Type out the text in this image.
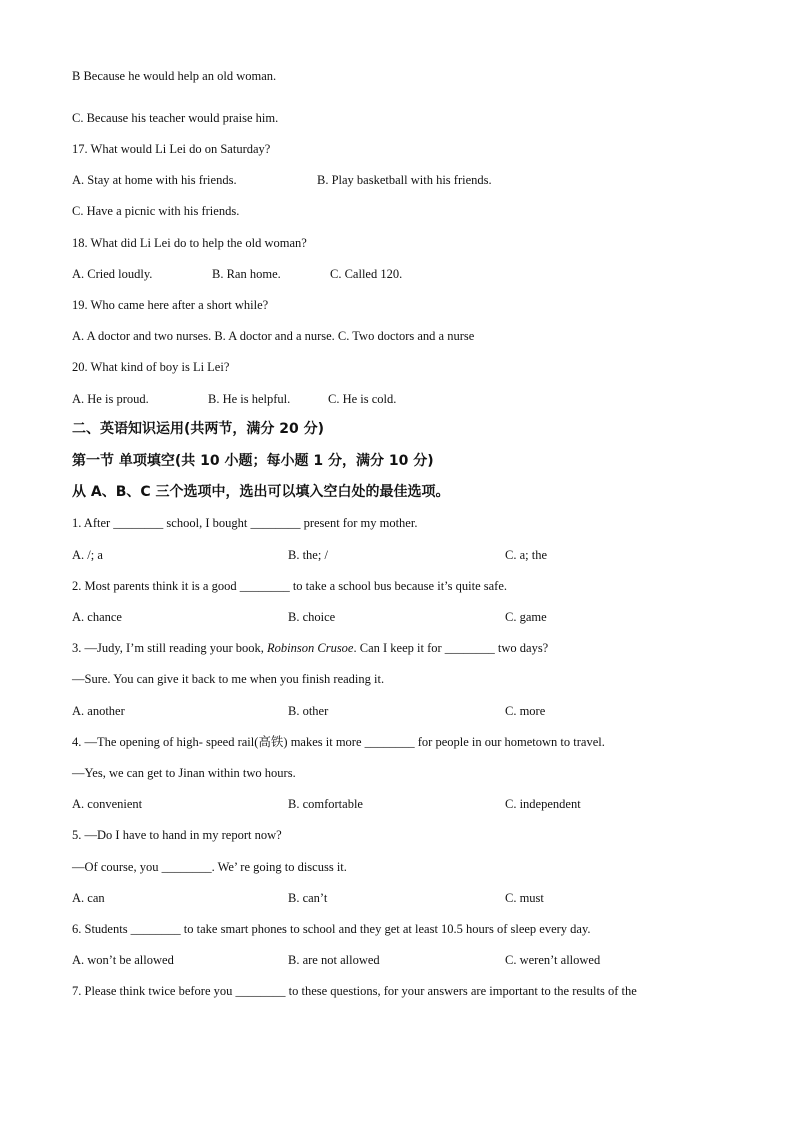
B Because he would help an old woman.
C. Because his teacher would praise him.
17. What would Li Lei do on Saturday?
A. Stay at home with his friends.	B. Play basketball with his friends.
C. Have a picnic with his friends.
18. What did Li Lei do to help the old woman?
A. Cried loudly.	B. Ran home.	C. Called 120.
19. Who came here after a short while?
A. A doctor and two nurses. B. A doctor and a nurse. C. Two doctors and a nurse
20. What kind of boy is Li Lei?
A. He is proud.	B. He is helpful.	C. He is cold.
二、英语知识运用(共两节，满分 20 分)
第一节 单项填空(共 10 小题；每小题 1 分，满分 10 分)
从 A、B、C 三个选项中，选出可以填入空白处的最佳选项。
1. After ________ school, I bought ________ present for my mother.
A. /; a	B. the; /	C. a; the
2. Most parents think it is a good ________ to take a school bus because it’s quite safe.
A. chance	B. choice	C. game
3. —Judy, I’m still reading your book, Robinson Crusoe. Can I keep it for ________ two days?
—Sure. You can give it back to me when you finish reading it.
A. another	B. other	C. more
4. —The opening of high- speed rail(高铁) makes it more ________ for people in our hometown to travel.
—Yes, we can get to Jinan within two hours.
A. convenient	B. comfortable	C. independent
5. —Do I have to hand in my report now?
—Of course, you ________. We’ re going to discuss it.
A. can	B. can’t	C. must
6. Students ________ to take smart phones to school and they get at least 10.5 hours of sleep every day.
A. won’t be allowed	B. are not allowed	C. weren’t allowed
7. Please think twice before you ________ to these questions, for your answers are important to the results of the
